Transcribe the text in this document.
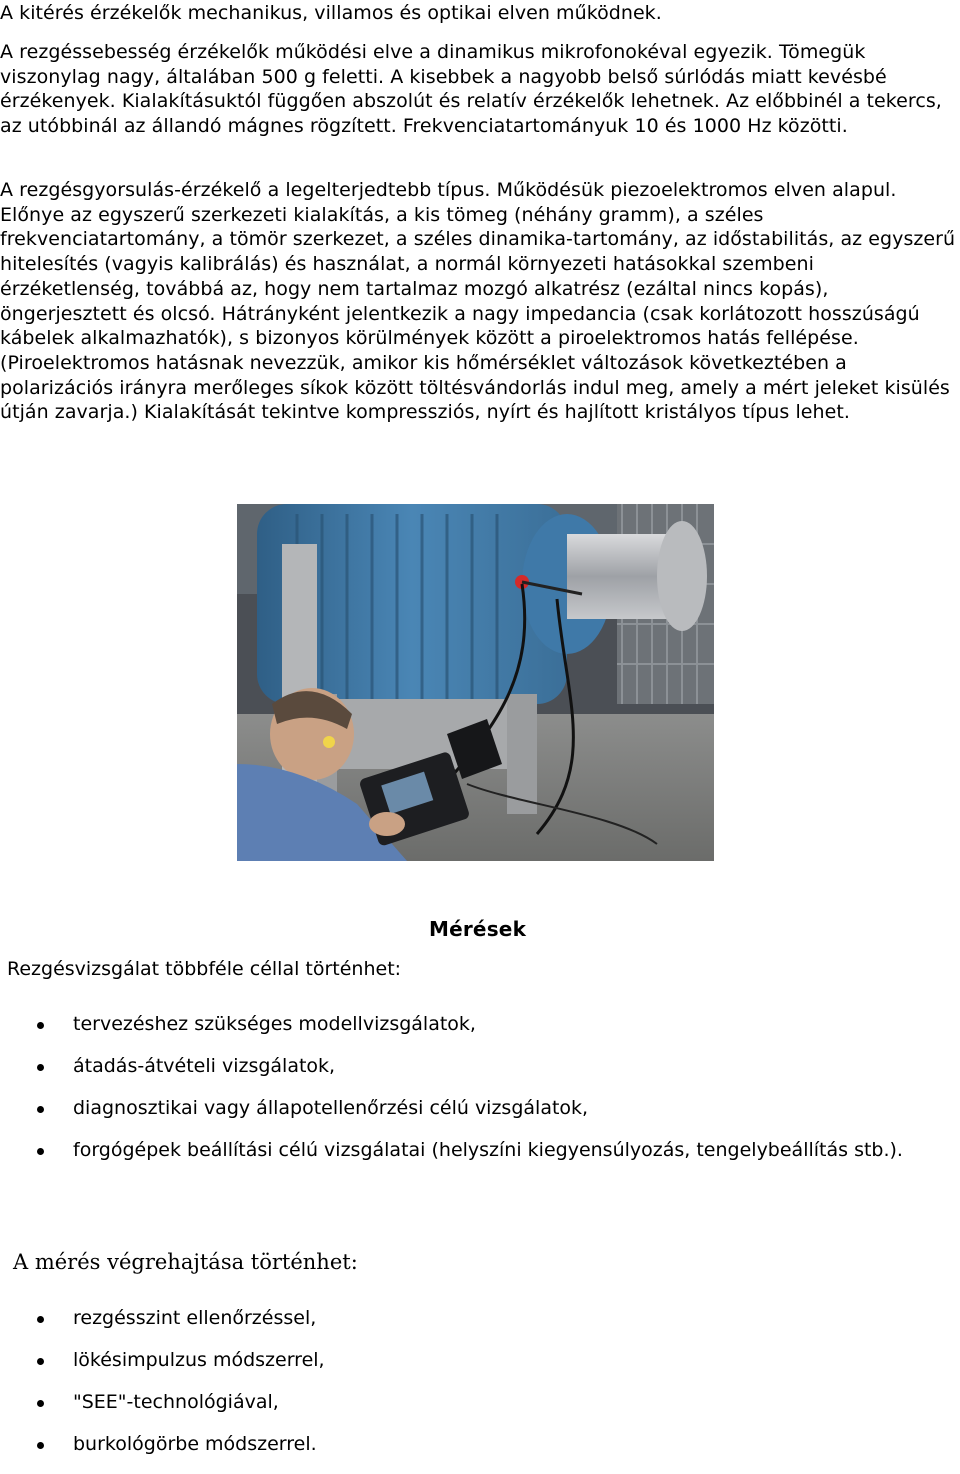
A kitérés érzékelők mechanikus, villamos és optikai elven működnek.

A rezgéssebesség érzékelők működési elve a dinamikus mikrofonokéval egyezik. Tömegük viszonylag nagy, általában 500 g feletti. A kisebbek a nagyobb belső súrlódás miatt kevésbé érzékenyek. Kialakításuktól függően abszolút és relatív érzékelők lehetnek. Az előbbinél a tekercs, az utóbbinál az állandó mágnes rögzített. Frekvenciatartományuk 10 és 1000 Hz közötti.

A rezgésgyorsulás-érzékelő a legelterjedtebb típus. Működésük piezoelektromos elven alapul. Előnye az egyszerű szerkezeti kialakítás, a kis tömeg (néhány gramm), a széles frekvenciatartomány, a tömör szerkezet, a széles dinamika-tartomány, az időstabilitás, az egyszerű hitelesítés (vagyis kalibrálás) és használat, a normál környezeti hatásokkal szembeni érzéketlenség, továbbá az, hogy nem tartalmaz mozgó alkatrész (ezáltal nincs kopás), öngerjesztett és olcsó. Hátrányként jelentkezik a nagy impedancia (csak korlátozott hosszúságú kábelek alkalmazhatók), s bizonyos körülmények között a piroelektromos hatás fellépése. (Piroelektromos hatásnak nevezzük, amikor kis hőmérséklet változások következtében a polarizációs irányra merőleges síkok között töltésvándorlás indul meg, amely a mért jeleket kisülés útján zavarja.) Kialakítását tekintve kompressziós, nyírt és hajlított kristályos típus lehet.

Mérések

Rezgésvizsgálat többféle céllal történhet:

tervezéshez szükséges modellvizsgálatok,
átadás-átvételi vizsgálatok,
diagnosztikai vagy állapotellenőrzési célú vizsgálatok,
forgógépek beállítási célú vizsgálatai (helyszíni kiegyensúlyozás, tengelybeállítás stb.).

A mérés végrehajtása történhet:

rezgésszint ellenőrzéssel,
lökésimpulzus módszerrel,
"SEE"-technológiával,
burkológörbe módszerrel.
